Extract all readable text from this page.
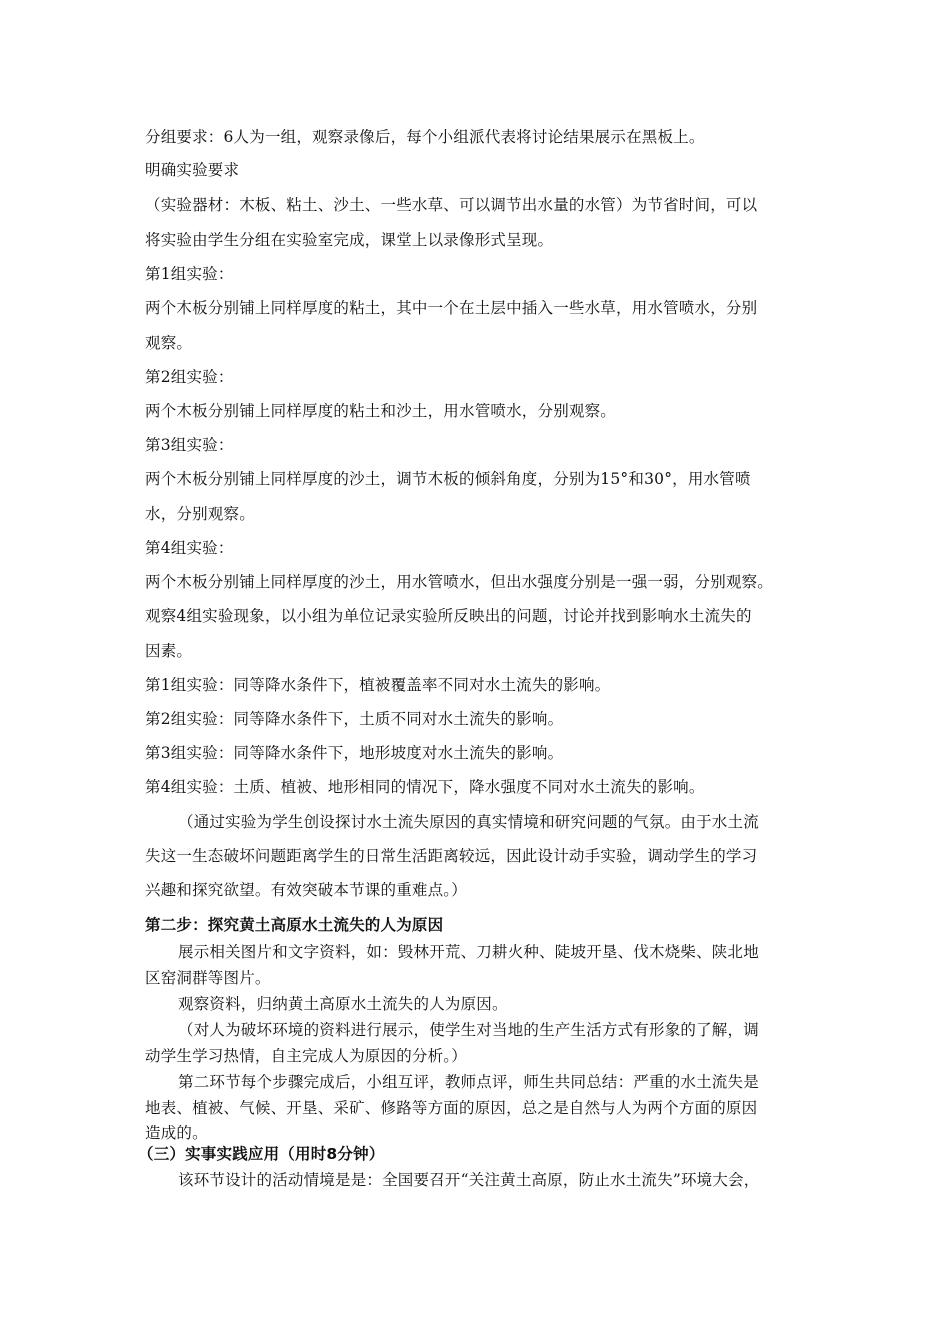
分组要求：6人为一组，观察录像后，每个小组派代表将讨论结果展示在黑板上。
明确实验要求
（实验器材：木板、粘土、沙土、一些水草、可以调节出水量的水管）为节省时间，可以
将实验由学生分组在实验室完成，课堂上以录像形式呈现。
第1组实验：
两个木板分别铺上同样厚度的粘土，其中一个在土层中插入一些水草，用水管喷水，分别
观察。
第2组实验：
两个木板分别铺上同样厚度的粘土和沙土，用水管喷水，分别观察。
第3组实验：
两个木板分别铺上同样厚度的沙土，调节木板的倾斜角度，分别为15°和30°，用水管喷
水，分别观察。
第4组实验：
两个木板分别铺上同样厚度的沙土，用水管喷水，但出水强度分别是一强一弱，分别观察。
观察4组实验现象，以小组为单位记录实验所反映出的问题，讨论并找到影响水土流失的
因素。
第1组实验：同等降水条件下，植被覆盖率不同对水土流失的影响。
第2组实验：同等降水条件下，土质不同对水土流失的影响。
第3组实验：同等降水条件下，地形坡度对水土流失的影响。
第4组实验：土质、植被、地形相同的情况下，降水强度不同对水土流失的影响。
（通过实验为学生创设探讨水土流失原因的真实情境和研究问题的气氛。由于水土流
失这一生态破坏问题距离学生的日常生活距离较远，因此设计动手实验，调动学生的学习
兴趣和探究欲望。有效突破本节课的重难点。）
第二步：探究黄土高原水土流失的人为原因
展示相关图片和文字资料，如：毁林开荒、刀耕火种、陡坡开垦、伐木烧柴、陕北地
区窑洞群等图片。
观察资料，归纳黄土高原水土流失的人为原因。
（对人为破坏环境的资料进行展示，使学生对当地的生产生活方式有形象的了解，调
动学生学习热情，自主完成人为原因的分析。）
第二环节每个步骤完成后，小组互评，教师点评，师生共同总结：严重的水土流失是
地表、植被、气候、开垦、采矿、修路等方面的原因，总之是自然与人为两个方面的原因
造成的。
（三）实事实践应用（用时8分钟）
该环节设计的活动情境是是：全国要召开“关注黄土高原，防止水土流失”环境大会，
